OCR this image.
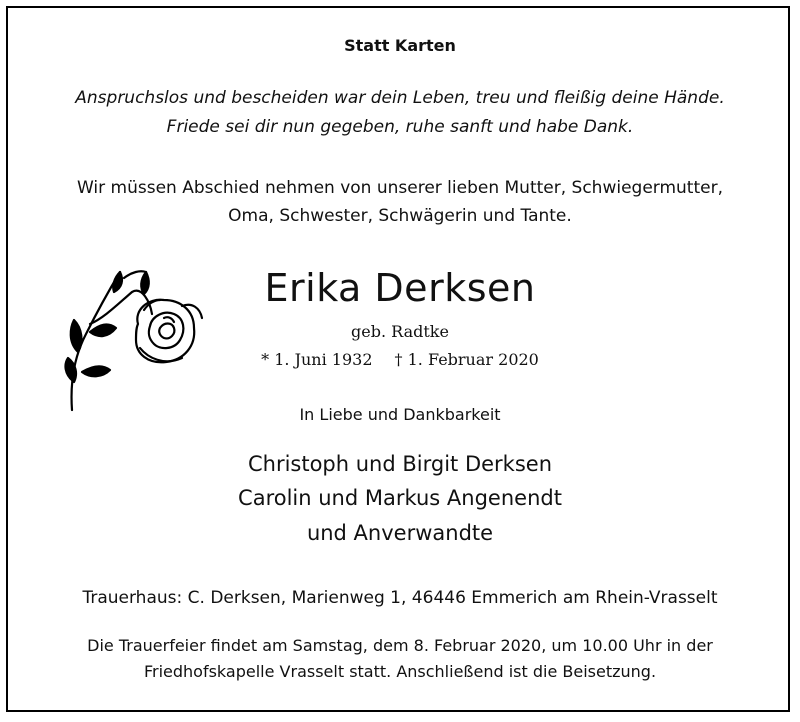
Statt Karten
Anspruchslos und bescheiden war dein Leben, treu und fleißig deine Hände.
Friede sei dir nun gegeben, ruhe sanft und habe Dank.
Wir müssen Abschied nehmen von unserer lieben Mutter, Schwiegermutter,
Oma, Schwester, Schwägerin und Tante.
Erika Derksen
geb. Radtke
* 1. Juni 1932 † 1. Februar 2020
In Liebe und Dankbarkeit
Christoph und Birgit Derksen
Carolin und Markus Angenendt
und Anverwandte
Trauerhaus: C. Derksen, Marienweg 1, 46446 Emmerich am Rhein-Vrasselt
Die Trauerfeier findet am Samstag, dem 8. Februar 2020, um 10.00 Uhr in der
Friedhofskapelle Vrasselt statt. Anschließend ist die Beisetzung.
